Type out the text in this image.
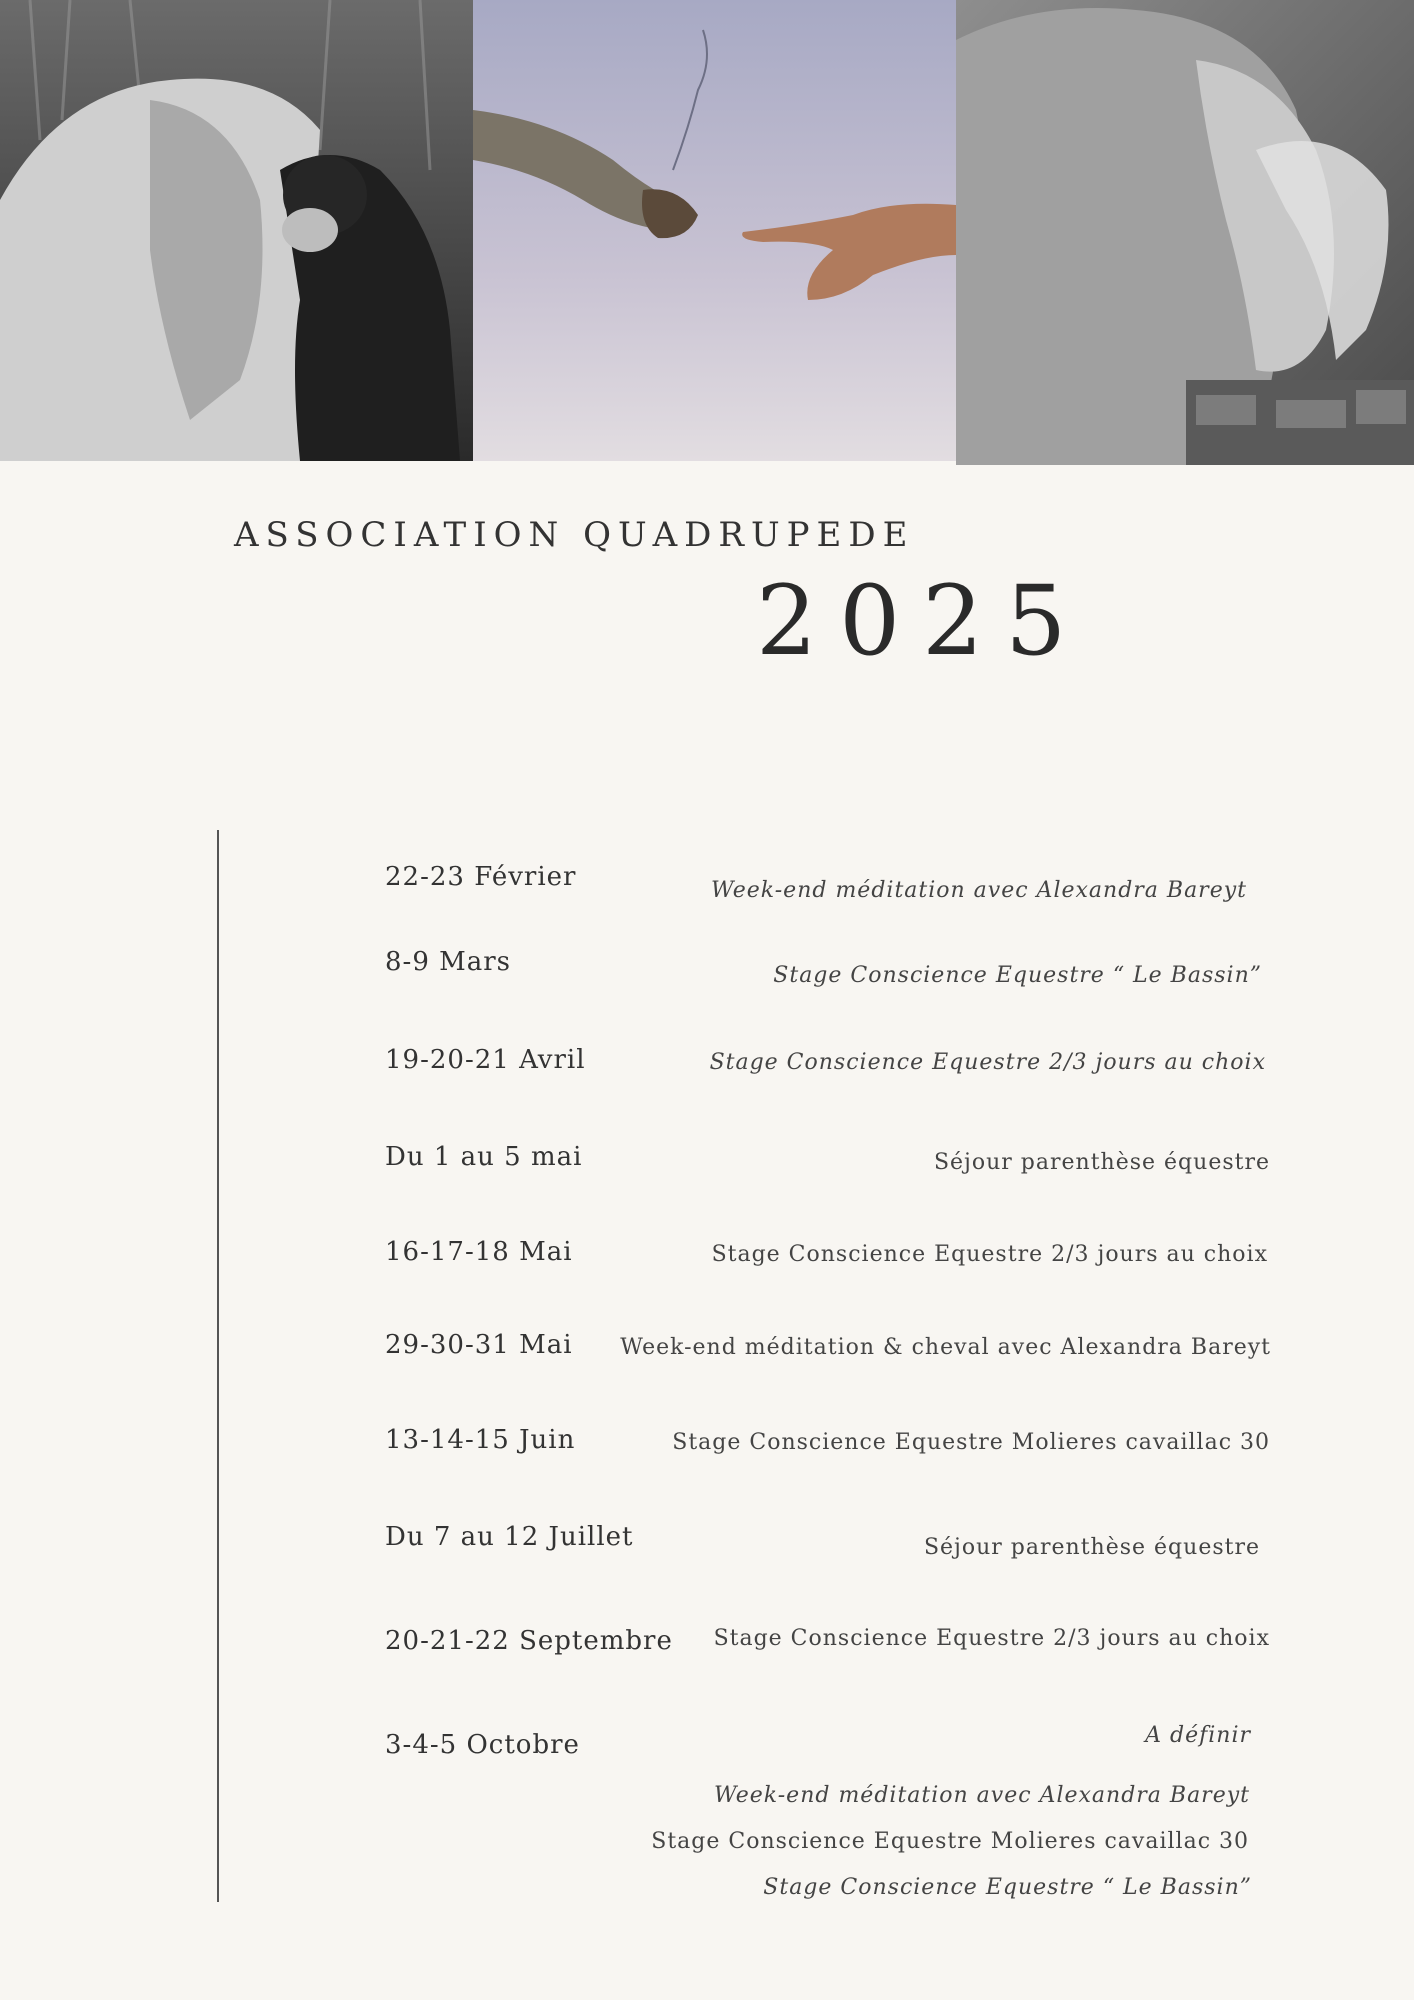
ASSOCIATION QUADRUPEDE
2025
22-23 Février	Week-end méditation avec Alexandra Bareyt
8-9 Mars	Stage Conscience Equestre “ Le Bassin”
19-20-21 Avril	Stage Conscience Equestre 2/3 jours au choix
Du 1 au 5 mai	Séjour parenthèse équestre
16-17-18 Mai	Stage Conscience Equestre 2/3 jours au choix
29-30-31 Mai Week-end méditation & cheval avec Alexandra Bareyt
13-14-15 Juin	Stage Conscience Equestre Molieres cavaillac 30
Du 7 au 12 Juillet	Séjour parenthèse équestre
20-21-22 Septembre Stage Conscience Equestre 2/3 jours au choix
3-4-5 Octobre	A définir
Week-end méditation avec Alexandra Bareyt
Stage Conscience Equestre Molieres cavaillac 30
Stage Conscience Equestre “ Le Bassin”
